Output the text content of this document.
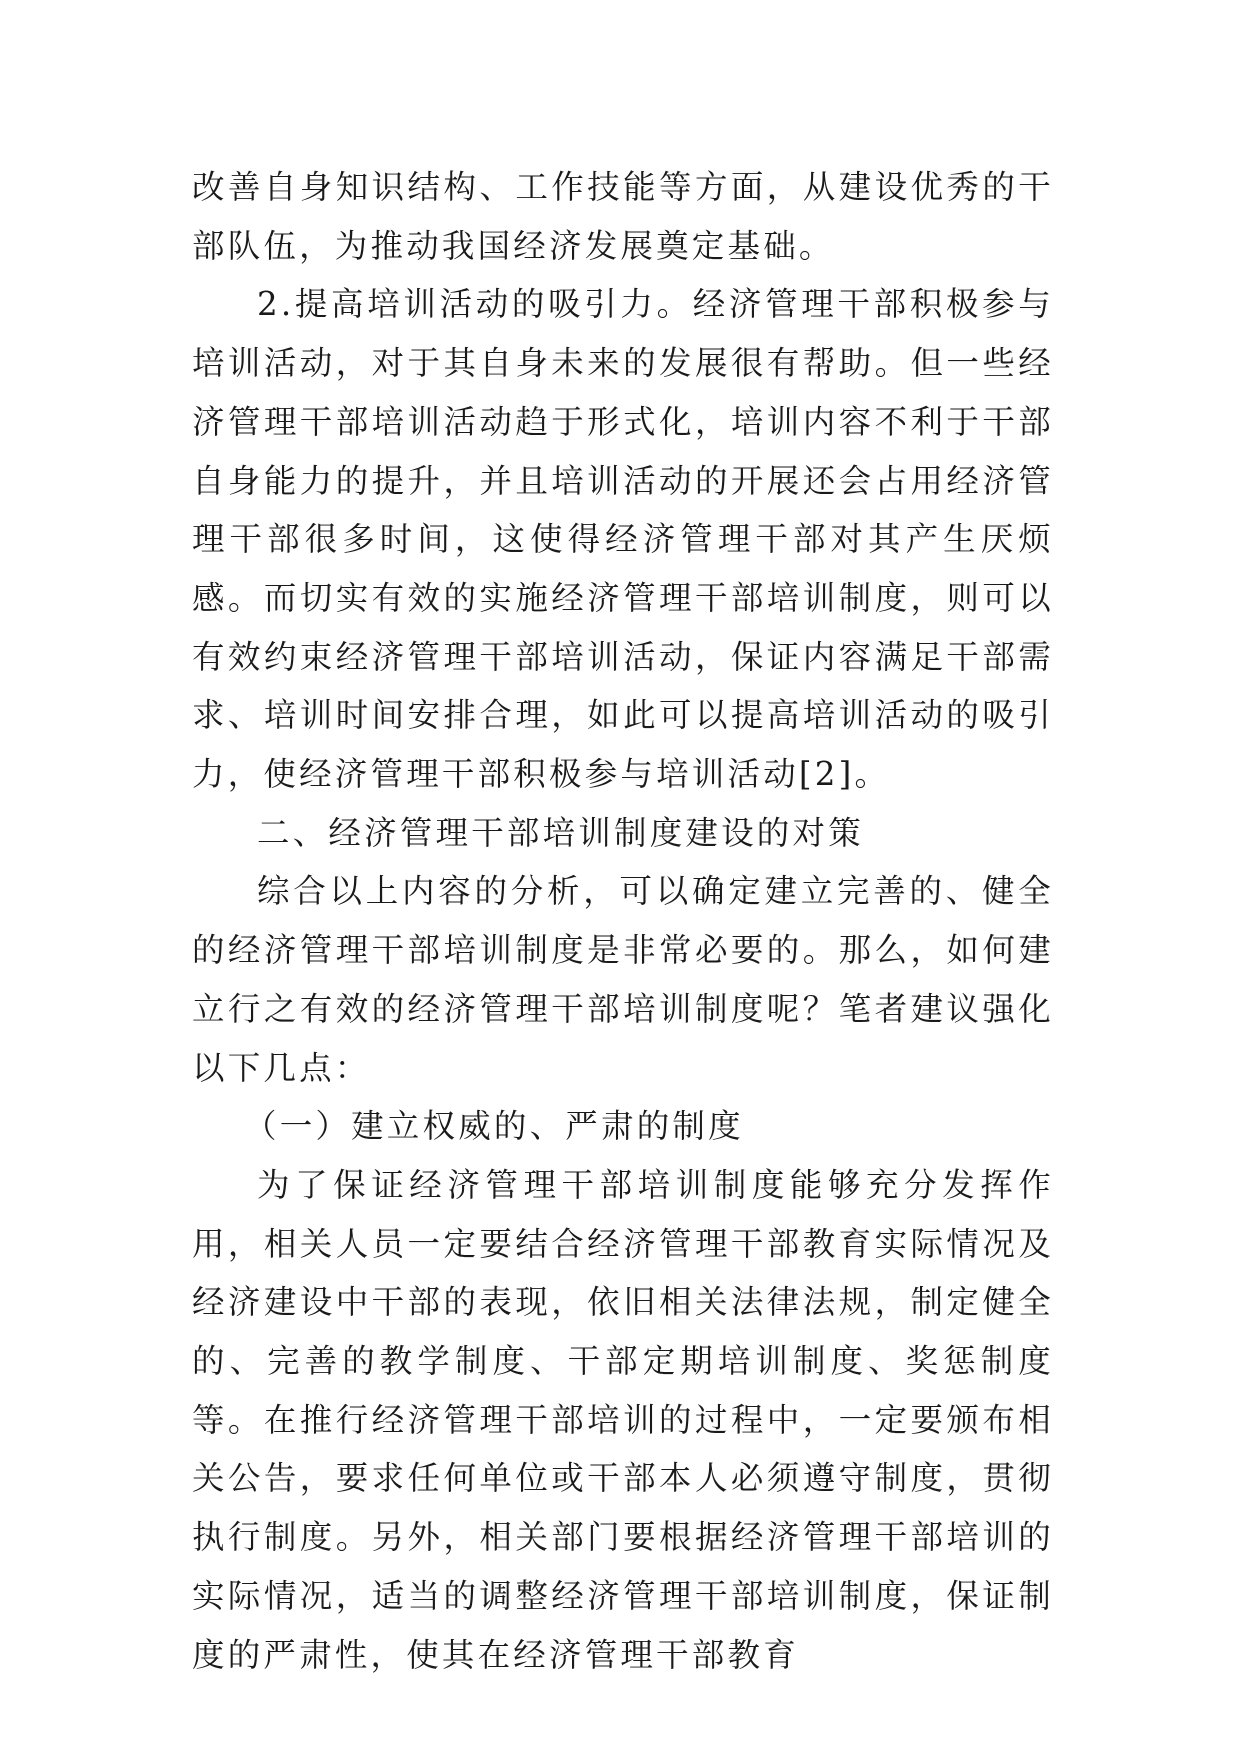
改善自身知识结构、工作技能等方面，从建设优秀的干部队伍，为推动我国经济发展奠定基础。

2.提高培训活动的吸引力。经济管理干部积极参与培训活动，对于其自身未来的发展很有帮助。但一些经济管理干部培训活动趋于形式化，培训内容不利于干部自身能力的提升，并且培训活动的开展还会占用经济管理干部很多时间，这使得经济管理干部对其产生厌烦感。而切实有效的实施经济管理干部培训制度，则可以有效约束经济管理干部培训活动，保证内容满足干部需求、培训时间安排合理，如此可以提高培训活动的吸引力，使经济管理干部积极参与培训活动[2]。

二、经济管理干部培训制度建设的对策

综合以上内容的分析，可以确定建立完善的、健全的经济管理干部培训制度是非常必要的。那么，如何建立行之有效的经济管理干部培训制度呢？笔者建议强化以下几点：

（一）建立权威的、严肃的制度

为了保证经济管理干部培训制度能够充分发挥作用，相关人员一定要结合经济管理干部教育实际情况及经济建设中干部的表现，依旧相关法律法规，制定健全的、完善的教学制度、干部定期培训制度、奖惩制度等。在推行经济管理干部培训的过程中，一定要颁布相关公告，要求任何单位或干部本人必须遵守制度，贯彻执行制度。另外，相关部门要根据经济管理干部培训的实际情况，适当的调整经济管理干部培训制度，保证制度的严肃性，使其在经济管理干部教育
